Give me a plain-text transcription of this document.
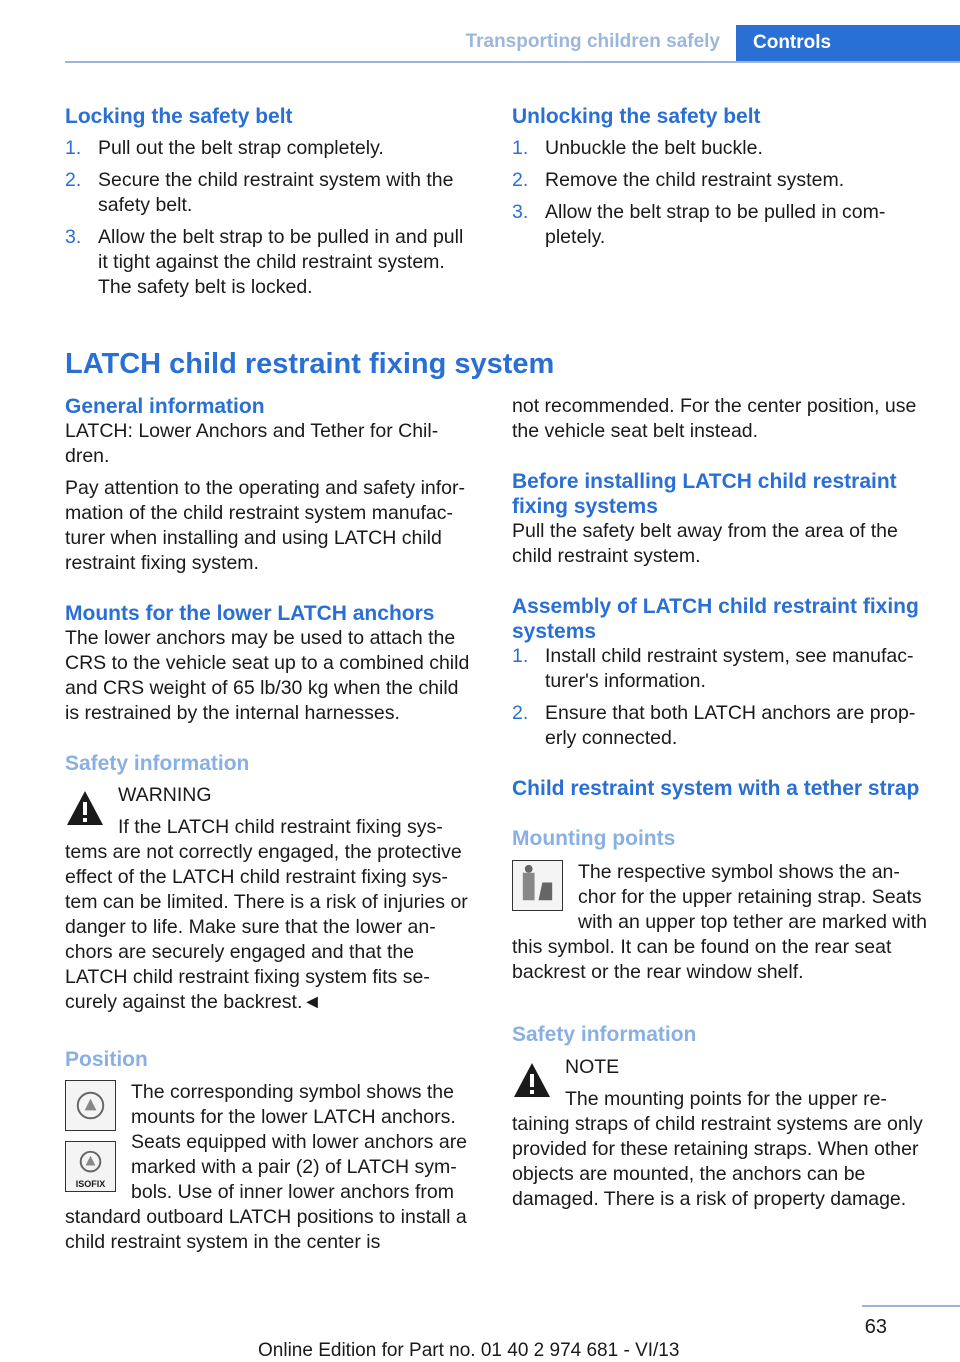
Transporting children safely	Controls
Locking the safety belt
1. Pull out the belt strap completely.
2. Secure the child restraint system with the safety belt.
3. Allow the belt strap to be pulled in and pull it tight against the child restraint system. The safety belt is locked.
Unlocking the safety belt
1. Unbuckle the belt buckle.
2. Remove the child restraint system.
3. Allow the belt strap to be pulled in com-pletely.
LATCH child restraint fixing system
General information

LATCH: Lower Anchors and Tether for Chil-dren.

Pay attention to the operating and safety infor-mation of the child restraint system manufac-turer when installing and using LATCH child restraint fixing system.

Mounts for the lower LATCH anchors

The lower anchors may be used to attach the CRS to the vehicle seat up to a combined child and CRS weight of 65 lb/30 kg when the child is restrained by the internal harnesses.

Safety information
WARNING

If the LATCH child restraint fixing sys-tems are not correctly engaged, the protective effect of the LATCH child restraint fixing sys-tem can be limited. There is a risk of injuries or danger to life. Make sure that the lower an-chors are securely engaged and that the LATCH child restraint fixing system fits se-curely against the backrest.◄

Position
ISOFIX

The corresponding symbol shows the mounts for the lower LATCH anchors. Seats equipped with lower anchors are marked with a pair (2) of LATCH sym-bols. Use of inner lower anchors from standard outboard LATCH positions to install a child restraint system in the center is

not recommended. For the center position, use the vehicle seat belt instead.

Before installing LATCH child restraint fixing systems

Pull the safety belt away from the area of the child restraint system.

Assembly of LATCH child restraint fixing systems
1. Install child restraint system, see manufac-turer's information.
2. Ensure that both LATCH anchors are prop-erly connected.
Child restraint system with a tether strap
Mounting points

The respective symbol shows the an-chor for the upper retaining strap. Seats with an upper top tether are marked with this symbol. It can be found on the rear seat backrest or the rear window shelf.

Safety information
NOTE

The mounting points for the upper re-taining straps of child restraint systems are only provided for these retaining straps. When other objects are mounted, the anchors can be damaged. There is a risk of property damage.

63
Online Edition for Part no. 01 40 2 974 681 - VI/13
